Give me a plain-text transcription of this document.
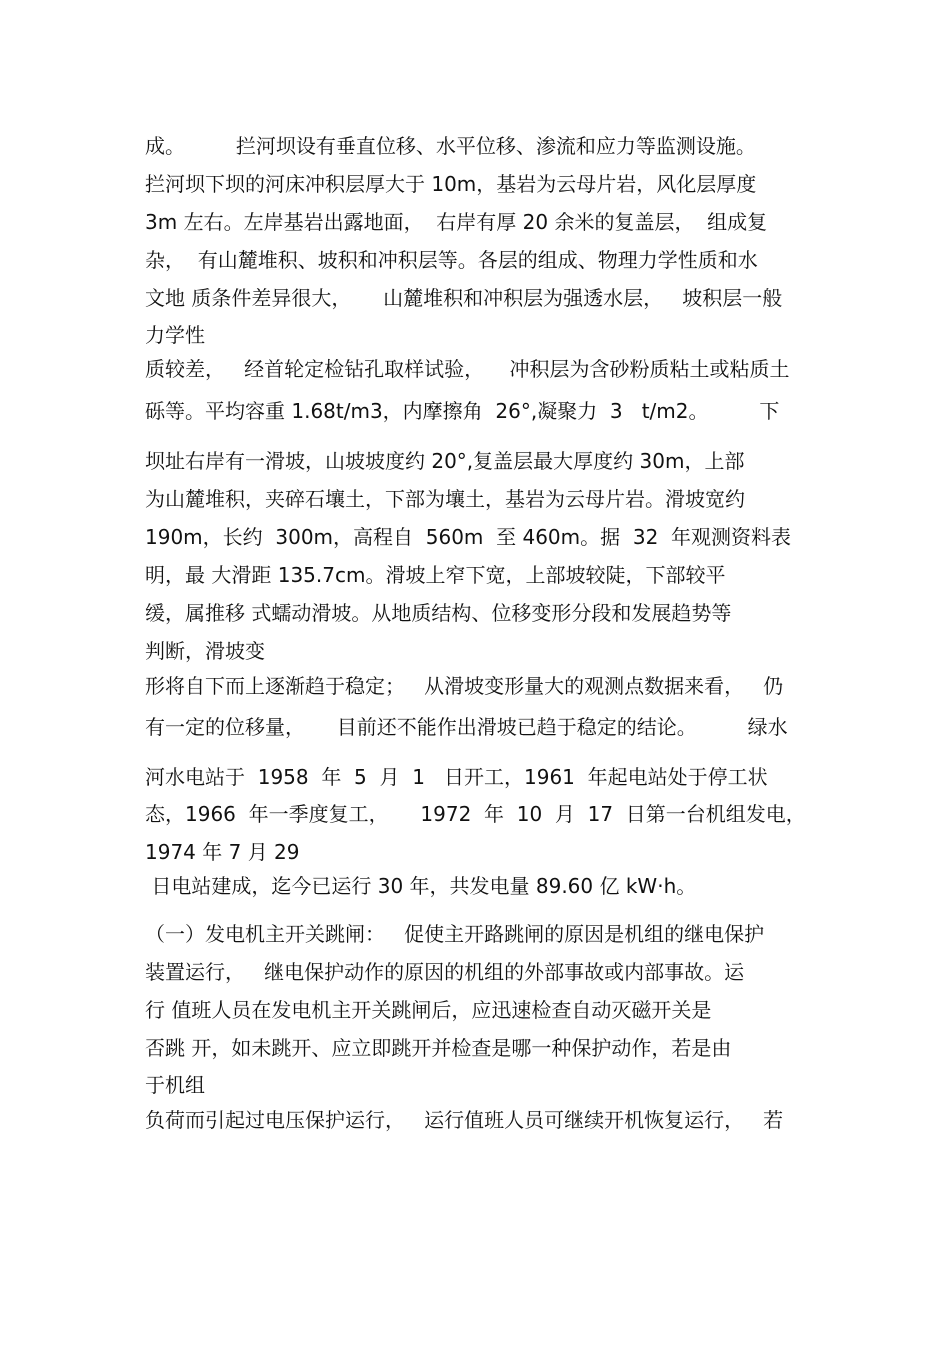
成。        拦河坝设有垂直位移、水平位移、渗流和应力等监测设施。
拦河坝下坝的河床冲积层厚大于 10m，基岩为云母片岩，风化层厚度
3m 左右。左岸基岩出露地面，  右岸有厚 20 余米的复盖层，  组成复
杂，  有山麓堆积、坡积和冲积层等。各层的组成、物理力学性质和水
文地 质条件差异很大，     山麓堆积和冲积层为强透水层，   坡积层一般
力学性
质较差，   经首轮定检钻孔取样试验，    冲积层为含砂粉质粘土或粘质土
砾等。平均容重 1.68t/m3，内摩擦角  26°,凝聚力  3   t/m2。        下
坝址右岸有一滑坡，山坡坡度约 20°,复盖层最大厚度约 30m，上部
为山麓堆积，夹碎石壤土，下部为壤土，基岩为云母片岩。滑坡宽约
190m，长约  300m，高程自  560m  至 460m。据  32  年观测资料表
明，最 大滑距 135.7cm。滑坡上窄下宽，上部坡较陡，下部较平
缓，属推移 式蠕动滑坡。从地质结构、位移变形分段和发展趋势等
判断，滑坡变
形将自下而上逐渐趋于稳定；   从滑坡变形量大的观测点数据来看，   仍
有一定的位移量，     目前还不能作出滑坡已趋于稳定的结论。        绿水
河水电站于  1958  年  5  月  1   日开工，1961  年起电站处于停工状
态，1966  年一季度复工，     1972  年  10  月  17  日第一台机组发电，
1974 年 7 月 29
日电站建成，迄今已运行 30 年，共发电量 89.60 亿 kW·h。
（一）发电机主开关跳闸：   促使主开路跳闸的原因是机组的继电保护
装置运行，   继电保护动作的原因的机组的外部事故或内部事故。运
行 值班人员在发电机主开关跳闸后，应迅速检查自动灭磁开关是
否跳 开，如未跳开、应立即跳开并检查是哪一种保护动作，若是由
于机组
负荷而引起过电压保护运行，   运行值班人员可继续开机恢复运行，   若
